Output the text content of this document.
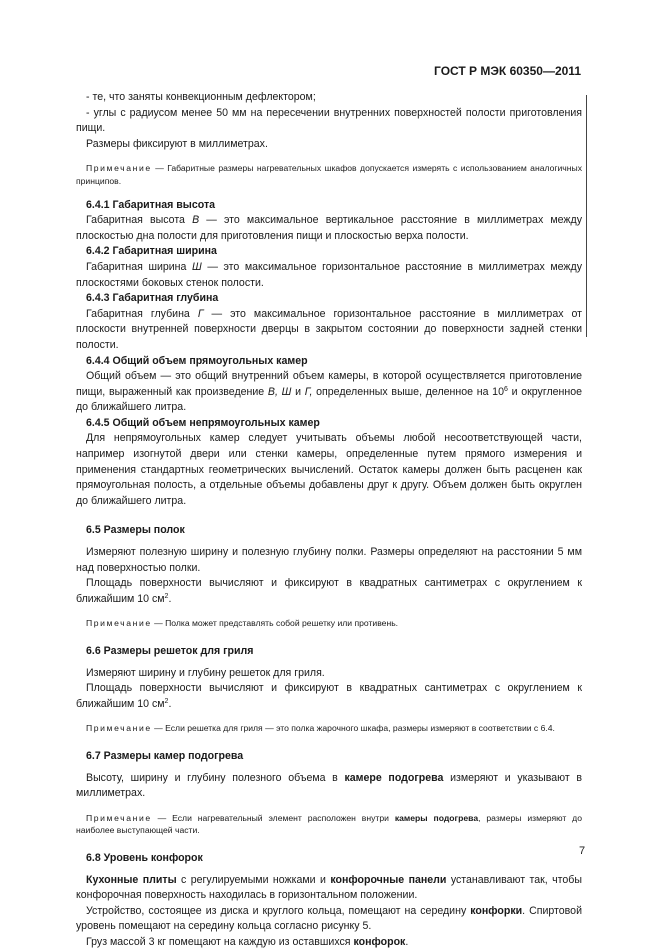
ГОСТ Р МЭК 60350—2011

- те, что заняты конвекционным дефлектором;

- углы с радиусом менее 50 мм на пересечении внутренних поверхностей полости приготовления пищи.

Размеры фиксируют в миллиметрах.

Примечание — Габаритные размеры нагревательных шкафов допускается измерять с использованием аналогичных принципов.

6.4.1 Габаритная высота

Габаритная высота В — это максимальное вертикальное расстояние в миллиметрах между плоскостью дна полости для приготовления пищи и плоскостью верха полости.

6.4.2 Габаритная ширина

Габаритная ширина Ш — это максимальное горизонтальное расстояние в миллиметрах между плоскостями боковых стенок полости.

6.4.3 Габаритная глубина

Габаритная глубина Г — это максимальное горизонтальное расстояние в миллиметрах от плоскости внутренней поверхности дверцы в закрытом состоянии до поверхности задней стенки полости.

6.4.4 Общий объем прямоугольных камер

Общий объем — это общий внутренний объем камеры, в которой осуществляется приготовление пищи, выраженный как произведение В, Ш и Г, определенных выше, деленное на $10^6$ и округленное до ближайшего литра.

6.4.5 Общий объем непрямоугольных камер

Для непрямоугольных камер следует учитывать объемы любой несоответствующей части, например изогнутой двери или стенки камеры, определенные путем прямого измерения и применения стандартных геометрических вычислений. Остаток камеры должен быть расценен как прямоугольная полость, а отдельные объемы добавлены друг к другу. Объем должен быть округлен до ближайшего литра.

6.5 Размеры полок

Измеряют полезную ширину и полезную глубину полки. Размеры определяют на расстоянии 5 мм над поверхностью полки.

Площадь поверхности вычисляют и фиксируют в квадратных сантиметрах с округлением к ближайшим 10 $см^2$.

Примечание — Полка может представлять собой решетку или противень.

6.6 Размеры решеток для гриля

Измеряют ширину и глубину решеток для гриля.

Площадь поверхности вычисляют и фиксируют в квадратных сантиметрах с округлением к ближайшим 10 $см^2$.

Примечание — Если решетка для гриля — это полка жарочного шкафа, размеры измеряют в соответствии с 6.4.

6.7 Размеры камер подогрева

Высоту, ширину и глубину полезного объема в камере подогрева измеряют и указывают в миллиметрах.

Примечание — Если нагревательный элемент расположен внутри камеры подогрева, размеры измеряют до наиболее выступающей части.

6.8 Уровень конфорок

Кухонные плиты с регулируемыми ножками и конфорочные панели устанавливают так, чтобы конфорочная поверхность находилась в горизонтальном положении.

Устройство, состоящее из диска и круглого кольца, помещают на середину конфорки. Спиртовой уровень помещают на середину кольца согласно рисунку 5.

Груз массой 3 кг помещают на каждую из оставшихся конфорок.

7
